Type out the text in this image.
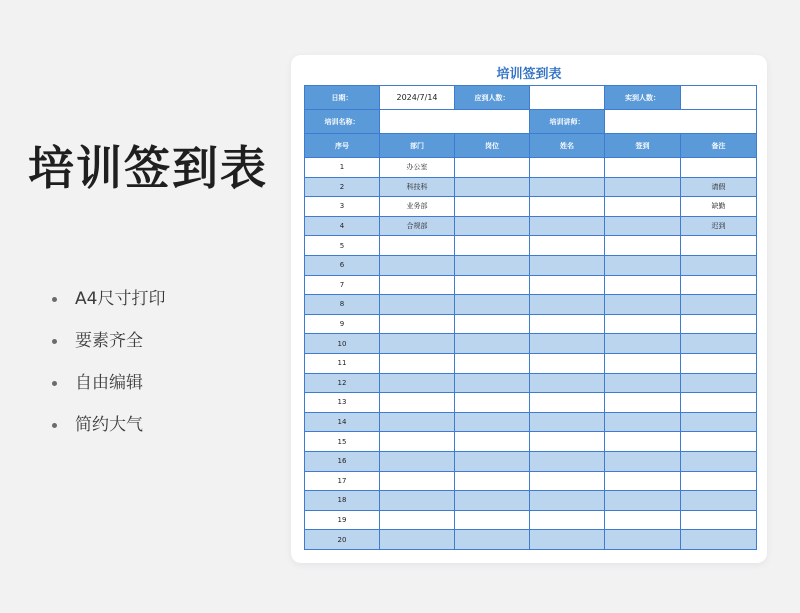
培训签到表
A4尺寸打印
要素齐全
自由编辑
简约大气
培训签到表
日期：	2024/7/14	应到人数：		实到人数：	
培训名称：			培训讲师：		
序号	部门	岗位	姓名	签到	备注
1	办公室				
2	科技科				请假
3	业务部				缺勤
4	合规部				迟到
5					
6					
7					
8					
9					
10					
11					
12					
13					
14					
15					
16					
17					
18					
19					
20					
